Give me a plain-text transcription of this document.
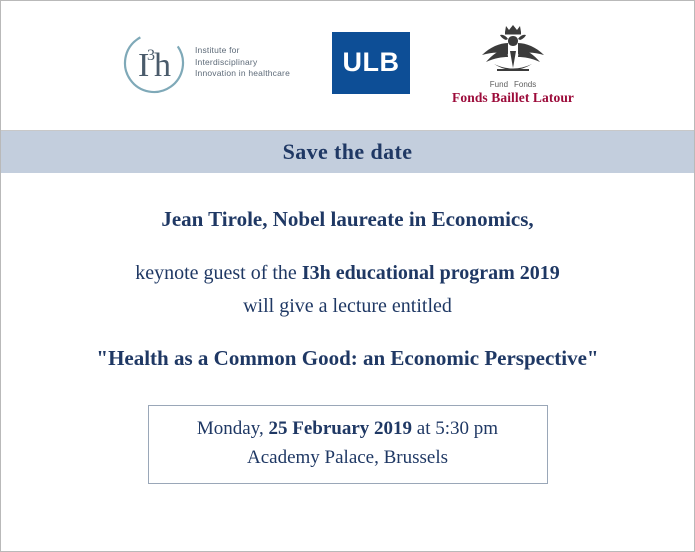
I
3 h	Institute for
Interdisciplinary
Innovation in healthcare ULB
Fund Fonds
Fonds Baillet Latour
Save the date
Jean Tirole, Nobel laureate in Economics,
keynote guest of the I3h educational program 2019
will give a lecture entitled
"Health as a Common Good: an Economic Perspective"
Monday, 25 February 2019 at 5:30 pm
Academy Palace, Brussels
